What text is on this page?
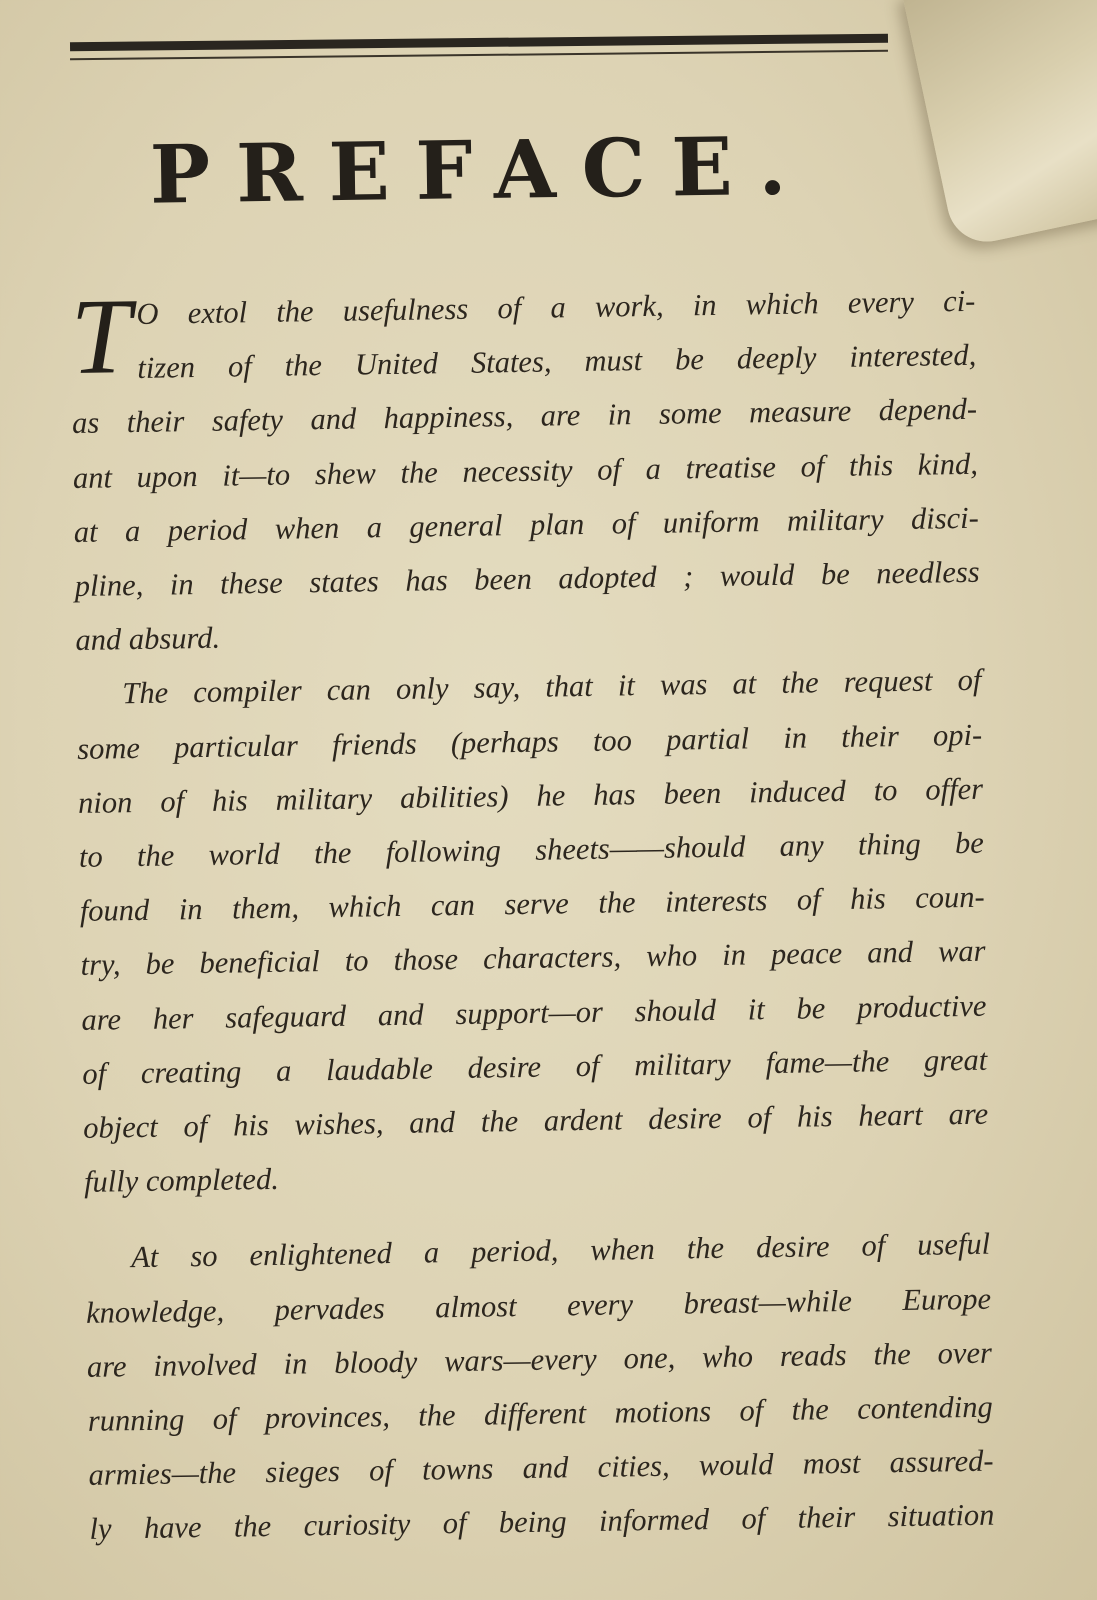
PREFACE.

T O extol the usefulness of a work, in which every ci-
tizen of the United States, must be deeply interested,
as their safety and happiness, are in some measure depend-
ant upon it—to shew the necessity of a treatise of this kind,
at a period when a general plan of uniform military disci-
pline, in these states has been adopted ; would be needless
and absurd.

The compiler can only say, that it was at the request of
some particular friends (perhaps too partial in their opi-
nion of his military abilities) he has been induced to offer
to the world the following sheets——should any thing be
found in them, which can serve the interests of his coun-
try, be beneficial to those characters, who in peace and war
are her safeguard and support—or should it be productive
of creating a laudable desire of military fame—the great
object of his wishes, and the ardent desire of his heart are
fully completed.

At so enlightened a period, when the desire of useful
knowledge, pervades almost every breast—while Europe
are involved in bloody wars—every one, who reads the over
running of provinces, the different motions of the contending
armies—the sieges of towns and cities, would most assured-
ly have the curiosity of being informed of their situation
